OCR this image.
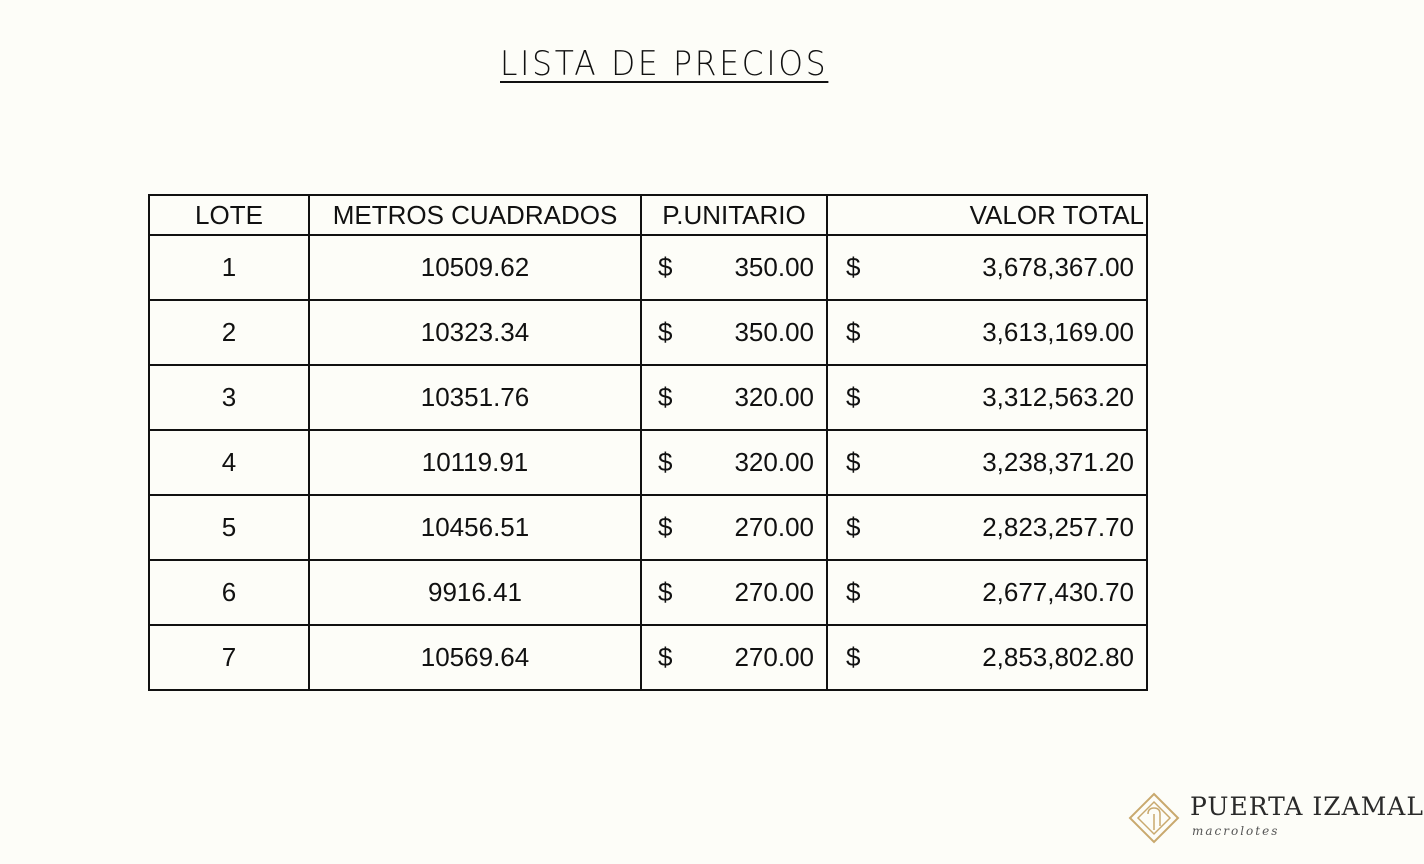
LISTA DE PRECIOS
LOTE	METROS CUADRADOS	P.UNITARIO	VALOR TOTAL
1	10509.62	$ 350.00	$ 3,678,367.00

2	10323.34	$ 350.00	$ 3,613,169.00

3	10351.76	$ 320.00	$ 3,312,563.20

4	10119.91	$ 320.00	$ 3,238,371.20

5	10456.51	$ 270.00	$ 2,823,257.70

6	9916.41	$ 270.00	$ 2,677,430.70

7	10569.64	$ 270.00	$ 2,853,802.80
PUERTA IZAMAL
macrolotes
